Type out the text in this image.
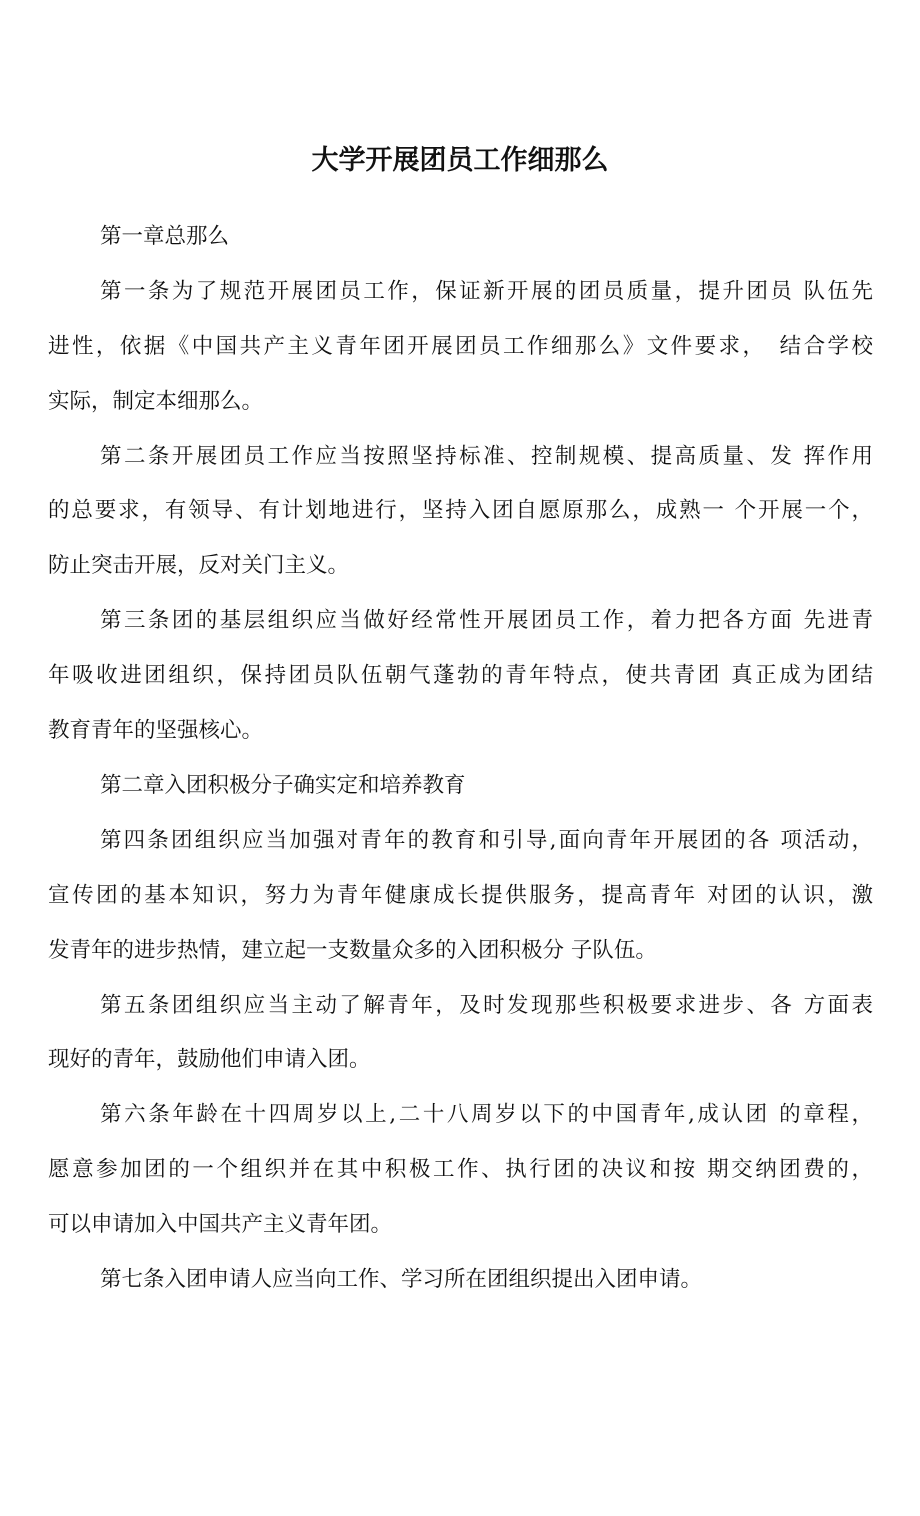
大学开展团员工作细那么
第一章总那么
第一条为了规范开展团员工作，保证新开展的团员质量，提升团员 队伍先
进性，依据《中国共产主义青年团开展团员工作细那么》文件要求，　结合学校
实际，制定本细那么。
第二条开展团员工作应当按照坚持标准、控制规模、提高质量、发 挥作用
的总要求，有领导、有计划地进行，坚持入团自愿原那么，成熟一 个开展一个，
防止突击开展，反对关门主义。
第三条团的基层组织应当做好经常性开展团员工作，着力把各方面 先进青
年吸收进团组织，保持团员队伍朝气蓬勃的青年特点，使共青团 真正成为团结
教育青年的坚强核心。
第二章入团积极分子确实定和培养教育
第四条团组织应当加强对青年的教育和引导,面向青年开展团的各 项活动，
宣传团的基本知识，努力为青年健康成长提供服务，提高青年 对团的认识，激
发青年的进步热情，建立起一支数量众多的入团积极分 子队伍。
第五条团组织应当主动了解青年，及时发现那些积极要求进步、各 方面表
现好的青年，鼓励他们申请入团。
第六条年龄在十四周岁以上,二十八周岁以下的中国青年,成认团 的章程，
愿意参加团的一个组织并在其中积极工作、执行团的决议和按 期交纳团费的，
可以申请加入中国共产主义青年团。
第七条入团申请人应当向工作、学习所在团组织提出入团申请。
